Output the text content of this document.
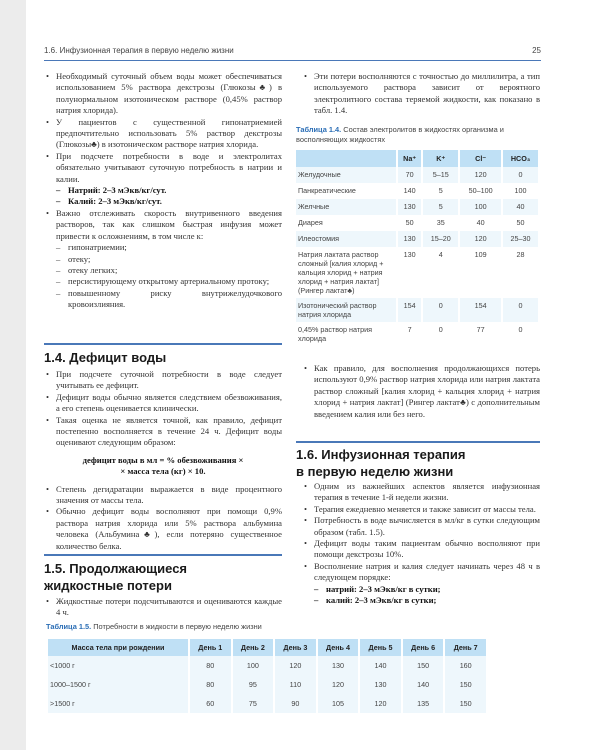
1.6. Инфузионная терапия в первую неделю жизни	25
• Необходимый суточный объем воды может обеспечиваться использованием 5% раствора декстрозы (Глюкозы♣) в полунормальном изотоническом растворе (0,45% раствор натрия хлорида).
• У пациентов с существенной гипонатриемией предпочтительно использовать 5% раствор декстрозы (Глюкозы♣) в изотоническом растворе натрия хлорида.
• При подсчете потребности в воде и электролитах обязательно учитывают суточную потребность в натрии и калии.
– Натрий: 2–3 мЭкв/кг/сут.
– Калий: 2–3 мЭкв/кг/сут.
• Важно отслеживать скорость внутривенного введения растворов, так как слишком быстрая инфузия может привести к осложнениям, в том числе к:
– гипонатриемии;
– отеку;
– отеку легких;
– персистирующему открытому артериальному протоку;
– повышенному риску внутрижелудочкового кровоизлияния.
1.4. Дефицит воды
• При подсчете суточной потребности в воде следует учитывать ее дефицит.
• Дефицит воды обычно является следствием обезвоживания, а его степень оценивается клинически.
• Такая оценка не является точной, как правило, дефицит постепенно восполняется в течение 24 ч. Дефицит воды оценивают следующим образом:
дефицит воды в мл = % обезвоживания ×
× масса тела (кг) × 10.
• Степень дегидратации выражается в виде процентного значения от массы тела.
• Обычно дефицит воды восполняют при помощи 0,9% раствора натрия хлорида или 5% раствора альбумина человека (Альбумина♣), если потеряно существенное количество белка.
1.5. Продолжающиеся
жидкостные потери
• Жидкостные потери подсчитываются и оцениваются каждые 4 ч.
• Эти потери восполняются с точностью до миллилитра, а тип используемого раствора зависит от вероятного электролитного состава теряемой жидкости, как показано в табл. 1.4.
Таблица 1.4. Состав электролитов в жидкостях организма и восполняющих жидкостях
	Na⁺	K⁺	Cl⁻	HCO₃
Желудочные	70	5–15	120	0
Панкреатические	140	5	50–100	100
Желчные	130	5	100	40
Диарея	50	35	40	50
Илеостомия	130	15–20	120	25–30
Натрия лактата раствор сложный [калия хлорид + кальция хлорид + натрия хлорид + натрия лактат] (Рингер лактат♣)	130	4	109	28
Изотонический раствор натрия хлорида	154	0	154	0
0,45% раствор натрия хлорида	7	0	77	0
• Как правило, для восполнения продолжающихся потерь используют 0,9% раствор натрия хлорида или натрия лактата раствор сложный [калия хлорид + кальция хлорид + натрия хлорид + натрия лактат] (Рингер лактат♣) с дополнительным введением калия или без него.
1.6. Инфузионная терапия
в первую неделю жизни
• Одним из важнейших аспектов является инфузионная терапия в течение 1-й недели жизни.
• Терапия ежедневно меняется и также зависит от массы тела.
• Потребность в воде вычисляется в мл/кг в сутки следующим образом (табл. 1.5).
• Дефицит воды таким пациентам обычно восполняют при помощи декстрозы 10%.
• Восполнение натрия и калия следует начинать через 48 ч в следующем порядке:
– натрий: 2–3 мЭкв/кг в сутки;
– калий: 2–3 мЭкв/кг в сутки;
Таблица 1.5. Потребности в жидкости в первую неделю жизни
Масса тела при рождении	День 1	День 2	День 3	День 4	День 5	День 6	День 7
<1000 г	80	100	120	130	140	150	160
1000–1500 г	80	95	110	120	130	140	150
>1500 г	60	75	90	105	120	135	150
